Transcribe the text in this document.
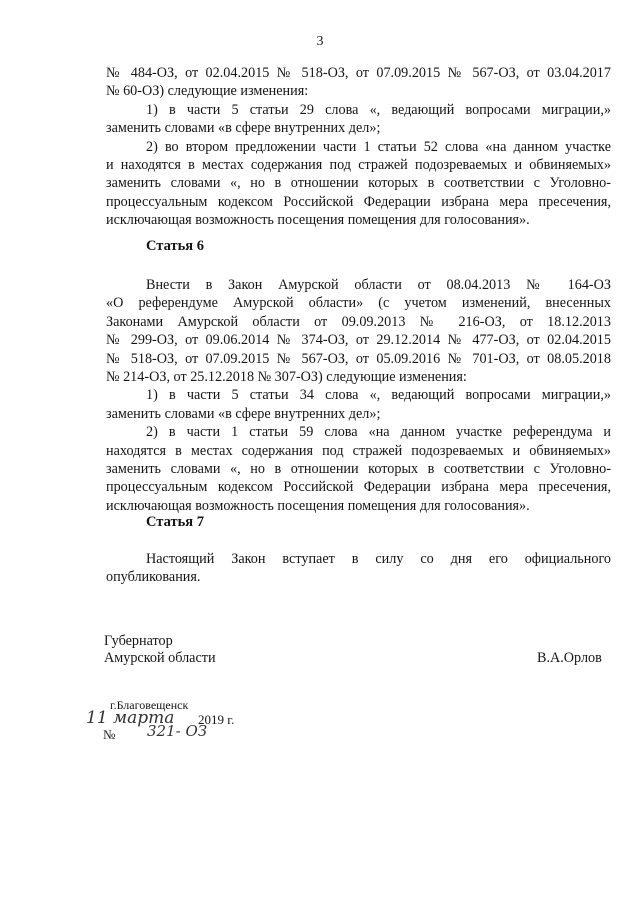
3
№ 484-ОЗ, от 02.04.2015 № 518-ОЗ, от 07.09.2015 № 567-ОЗ, от 03.04.2017
№ 60-ОЗ) следующие изменения:
1) в части 5 статьи 29 слова «, ведающий вопросами миграции,»
заменить словами «в сфере внутренних дел»;
2) во втором предложении части 1 статьи 52 слова «на данном участке
и находятся в местах содержания под стражей подозреваемых и обвиняемых»
заменить словами «, но в отношении которых в соответствии с Уголовно-
процессуальным кодексом Российской Федерации избрана мера пресечения,
исключающая возможность посещения помещения для голосования».
Статья 6
Внести в Закон Амурской области от 08.04.2013 № 164-ОЗ
«О референдуме Амурской области» (с учетом изменений, внесенных
Законами Амурской области от 09.09.2013 № 216-ОЗ, от 18.12.2013
№ 299-ОЗ, от 09.06.2014 № 374-ОЗ, от 29.12.2014 № 477-ОЗ, от 02.04.2015
№ 518-ОЗ, от 07.09.2015 № 567-ОЗ, от 05.09.2016 № 701-ОЗ, от 08.05.2018
№ 214-ОЗ, от 25.12.2018 № 307-ОЗ) следующие изменения:
1) в части 5 статьи 34 слова «, ведающий вопросами миграции,»
заменить словами «в сфере внутренних дел»;
2) в части 1 статьи 59 слова «на данном участке референдума и
находятся в местах содержания под стражей подозреваемых и обвиняемых»
заменить словами «, но в отношении которых в соответствии с Уголовно-
процессуальным кодексом Российской Федерации избрана мера пресечения,
исключающая возможность посещения помещения для голосования».
Статья 7
Настоящий Закон вступает в силу со дня его официального
опубликования.
Губернатор
Амурской области	В.А.Орлов
г.Благовещенск
11 марта 2019 г.
№ 321- ОЗ
